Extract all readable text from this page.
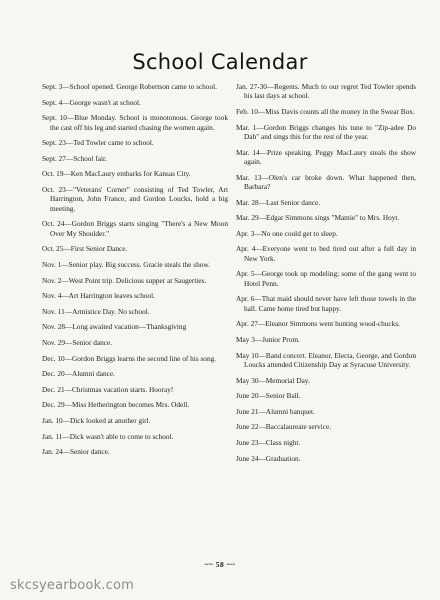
School Calendar
Sept. 3—School opened. George Robertson came to school.
Sept. 4—George wasn't at school.
Sept. 10—Blue Monday. School is monotonous. George took the cast off his leg and started chasing the women again.
Sept. 23—Ted Towler came to school.
Sept. 27—School fair.
Oct. 19—Ken MacLaury embarks for Kansas City.
Oct. 23—"Veterans' Corner" consisting of Ted Towler, Art Harrington, John France, and Gordon Loucks, hold a big meeting.
Oct. 24—Gordon Briggs starts singing "There's a New Moon Over My Shoulder."
Oct. 25—First Senior Dance.
Nov. 1—Senior play. Big success. Gracie steals the show.
Nov. 2—West Point trip. Delicious supper at Saugerties.
Nov. 4—Art Harrington leaves school.
Nov. 11—Armistice Day. No school.
Nov. 28—Long awaited vacation—Thanksgiving
Nov. 29—Senior dance.
Dec. 10—Gordon Briggs learns the second line of his song.
Dec. 20—Alumni dance.
Dec. 21—Christmas vacation starts. Hooray!
Dec. 29—Miss Hetherington becomes Mrs. Odell.
Jan. 10—Dick looked at another girl.
Jan. 11—Dick wasn't able to come to school.
Jan. 24—Senior dance.
Jan. 27-30—Regents. Much to our regret Ted Towler spends his last days at school.
Feb. 10—Miss Davis counts all the money in the Swear Box.
Mar. 1—Gordon Briggs changes his tune to "Zip-adee Do Dah" and sings this for the rest of the year.
Mar. 14—Prize speaking. Peggy MacLaury steals the show again.
Mar. 13—Olen's car broke down. What happened then, Barbara?
Mar. 28—Last Senior dance.
Mar. 29—Edgar Simmons sings "Mamie" to Mrs. Hoyt.
Apr. 3—No one could get to sleep.
Apr. 4—Everyone went to bed tired out after a full day in New York.
Apr. 5—George took up modeling; some of the gang went to Hotel Penn.
Apr. 6—That maid should never have left those towels in the hall. Came home tired but happy.
Apr. 27—Eleanor Simmons went hunting wood-chucks.
May 3—Junior Prom.
May 10—Band concert. Eleanor, Electa, George, and Gordon Loucks attended Citizenship Day at Syracuse University.
May 30—Memorial Day.
June 20—Senior Ball.
June 21—Alumni banquet.
June 22—Baccalaureate service.
June 23—Class night.
June 24—Graduation.
~~ 58 ~~
skcsyearbook.com
